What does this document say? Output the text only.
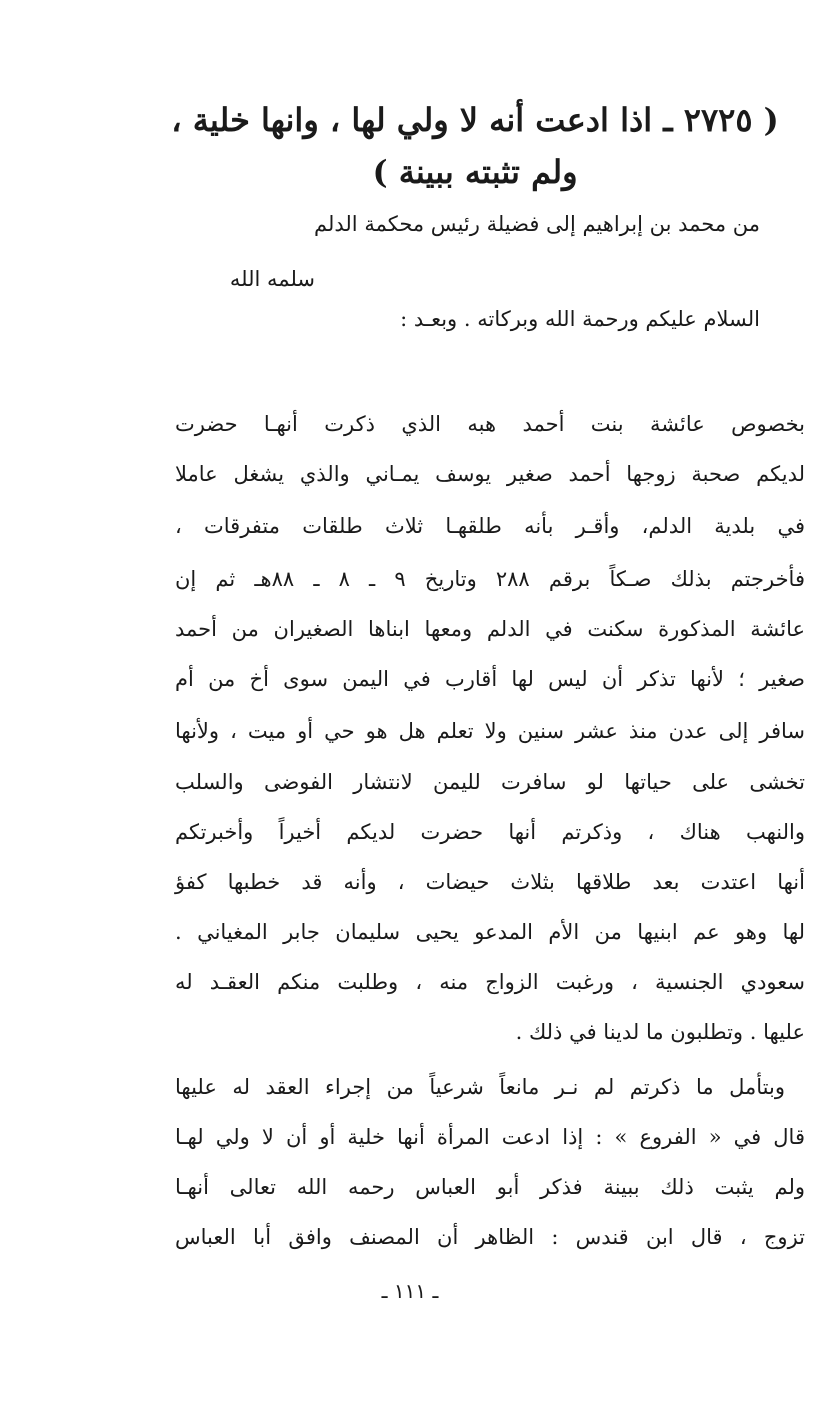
( ٢٧٢٥ ـ اذا ادعت أنه لا ولي لها ، وانها خلية ،
ولم تثبته ببينة )
من محمد بن إبراهيم إلى فضيلة رئيس محكمة الدلم
سلمه الله
السلام عليكم ورحمة الله وبركاته . وبعـد :
بخصوص عائشة بنت أحمد هبه الذي ذكرت أنهـا حضرت
لديكم صحبة زوجها أحمد صغير يوسف يمـاني والذي يشغل عاملا
في بلدية الدلم، وأقـر بأنه طلقهـا ثلاث طلقات متفرقات ،
فأخرجتم بذلك صـكاً برقم ٢٨٨ وتاريخ ٩ ـ ٨ ـ ٨٨هـ ثم إن
عائشة المذكورة سكنت في الدلم ومعها ابناها الصغيران من أحمد
صغير ؛ لأنها تذكر أن ليس لها أقارب في اليمن سوى أخ من أم
سافر إلى عدن منذ عشر سنين ولا تعلم هل هو حي أو ميت ، ولأنها
تخشى على حياتها لو سافرت لليمن لانتشار الفوضى والسلب
والنهب هناك ، وذكرتم أنها حضرت لديكم أخيراً وأخبرتكم
أنها اعتدت بعد طلاقها بثلاث حيضات ، وأنه قد خطبها كفؤ
لها وهو عم ابنيها من الأم المدعو يحيى سليمان جابر المغياني .
سعودي الجنسية ، ورغبت الزواج منه ، وطلبت منكم العقـد له
عليها . وتطلبون ما لدينا في ذلك .
وبتأمل ما ذكرتم لم نـر مانعاً شرعياً من إجراء العقد له عليها
قال في « الفروع » : إذا ادعت المرأة أنها خلية أو أن لا ولي لهـا
ولم يثبت ذلك ببينة فذكر أبو العباس رحمه الله تعالى أنهـا
تزوج ، قال ابن قندس : الظاهر أن المصنف وافق أبا العباس
ـ ١١١ ـ
